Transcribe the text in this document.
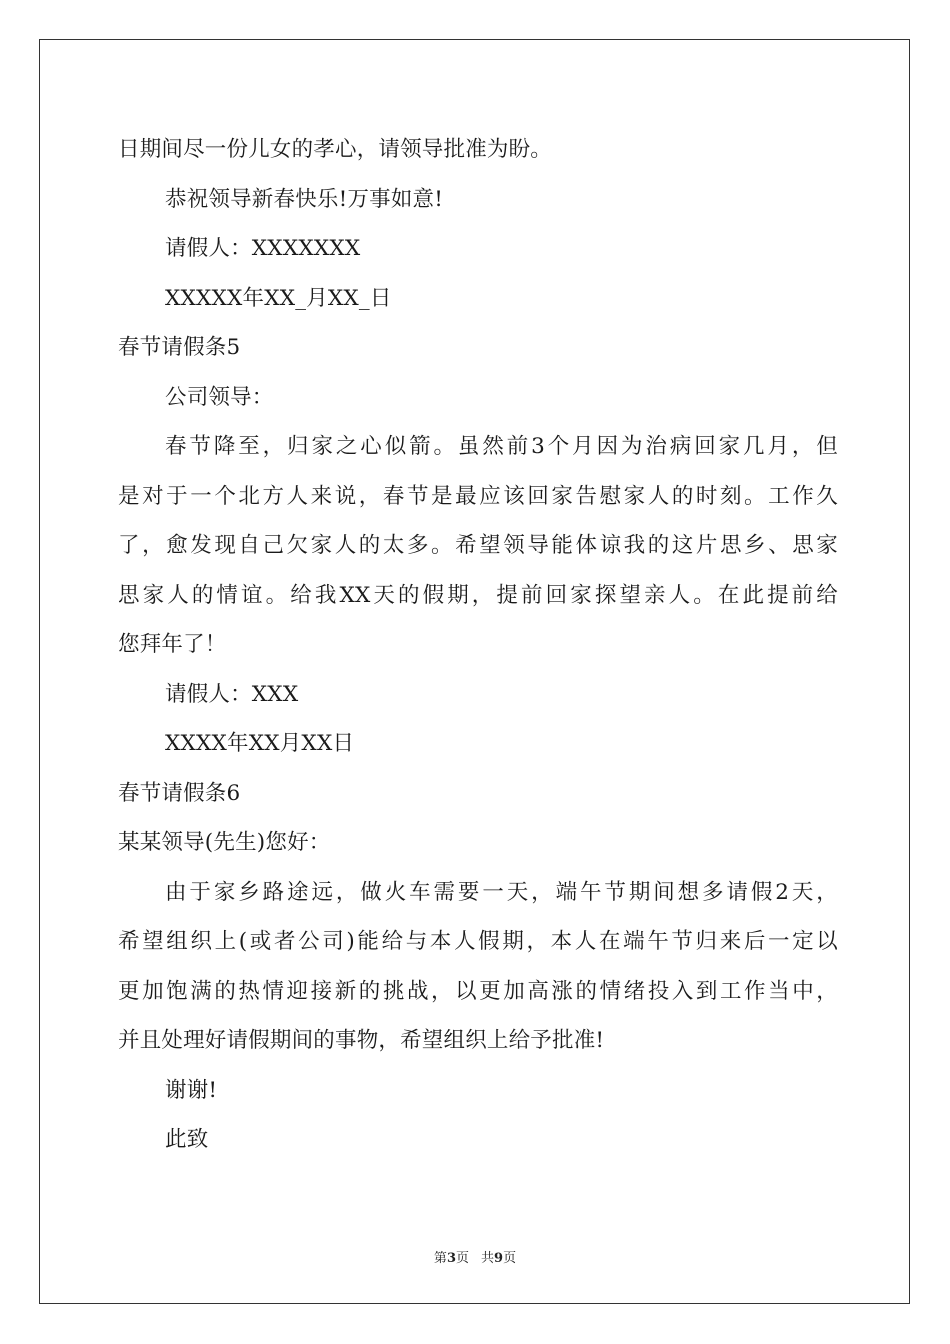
日期间尽一份儿女的孝心，请领导批准为盼。
恭祝领导新春快乐!万事如意!
请假人：XXXXXXX
XXXXX年XX_月XX_日
春节请假条5
公司领导：
春节降至，归家之心似箭。虽然前3个月因为治病回家几月，但
是对于一个北方人来说，春节是最应该回家告慰家人的时刻。工作久
了，愈发现自己欠家人的太多。希望领导能体谅我的这片思乡、思家
思家人的情谊。给我XX天的假期，提前回家探望亲人。在此提前给
您拜年了！
请假人：XXX
XXXX年XX月XX日
春节请假条6
某某领导(先生)您好：
由于家乡路途远，做火车需要一天，端午节期间想多请假2天，
希望组织上(或者公司)能给与本人假期，本人在端午节归来后一定以
更加饱满的热情迎接新的挑战，以更加高涨的情绪投入到工作当中，
并且处理好请假期间的事物，希望组织上给予批准!
谢谢!
此致
第3页 共9页
